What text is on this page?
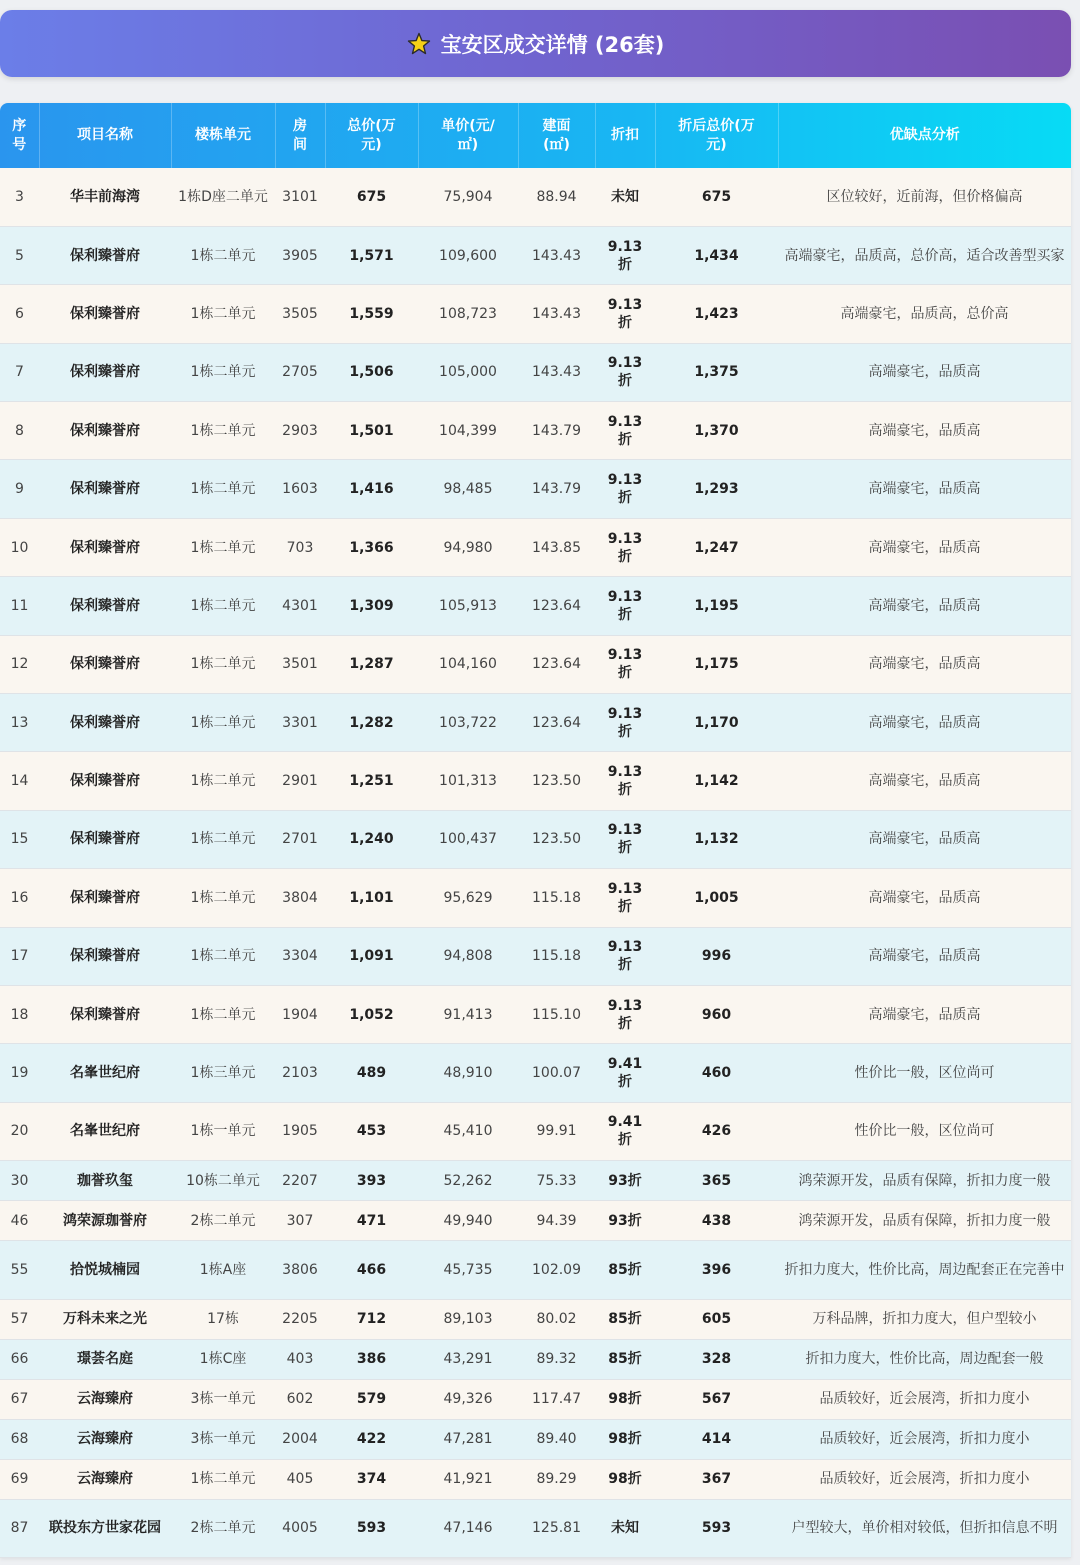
宝安区成交详情 (26套)
序号	项目名称	楼栋单元	房间	总价(万元)	单价(元/㎡)	建面(㎡)	折扣	折后总价(万元)	优缺点分析
3	华丰前海湾	1栋D座二单元	3101	675	75,904	88.94	未知	675	区位较好，近前海，但价格偏高
5	保利臻誉府	1栋二单元	3905	1,571	109,600	143.43	9.13折	1,434	高端豪宅，品质高，总价高，适合改善型买家
6	保利臻誉府	1栋二单元	3505	1,559	108,723	143.43	9.13折	1,423	高端豪宅，品质高，总价高
7	保利臻誉府	1栋二单元	2705	1,506	105,000	143.43	9.13折	1,375	高端豪宅，品质高
8	保利臻誉府	1栋二单元	2903	1,501	104,399	143.79	9.13折	1,370	高端豪宅，品质高
9	保利臻誉府	1栋二单元	1603	1,416	98,485	143.79	9.13折	1,293	高端豪宅，品质高
10	保利臻誉府	1栋二单元	703	1,366	94,980	143.85	9.13折	1,247	高端豪宅，品质高
11	保利臻誉府	1栋二单元	4301	1,309	105,913	123.64	9.13折	1,195	高端豪宅，品质高
12	保利臻誉府	1栋二单元	3501	1,287	104,160	123.64	9.13折	1,175	高端豪宅，品质高
13	保利臻誉府	1栋二单元	3301	1,282	103,722	123.64	9.13折	1,170	高端豪宅，品质高
14	保利臻誉府	1栋二单元	2901	1,251	101,313	123.50	9.13折	1,142	高端豪宅，品质高
15	保利臻誉府	1栋二单元	2701	1,240	100,437	123.50	9.13折	1,132	高端豪宅，品质高
16	保利臻誉府	1栋二单元	3804	1,101	95,629	115.18	9.13折	1,005	高端豪宅，品质高
17	保利臻誉府	1栋二单元	3304	1,091	94,808	115.18	9.13折	996	高端豪宅，品质高
18	保利臻誉府	1栋二单元	1904	1,052	91,413	115.10	9.13折	960	高端豪宅，品质高
19	名峯世纪府	1栋三单元	2103	489	48,910	100.07	9.41折	460	性价比一般，区位尚可
20	名峯世纪府	1栋一单元	1905	453	45,410	99.91	9.41折	426	性价比一般，区位尚可
30	珈誉玖玺	10栋二单元	2207	393	52,262	75.33	93折	365	鸿荣源开发，品质有保障，折扣力度一般
46	鸿荣源珈誉府	2栋二单元	307	471	49,940	94.39	93折	438	鸿荣源开发，品质有保障，折扣力度一般
55	拾悦城楠园	1栋A座	3806	466	45,735	102.09	85折	396	折扣力度大，性价比高，周边配套正在完善中
57	万科未来之光	17栋	2205	712	89,103	80.02	85折	605	万科品牌，折扣力度大，但户型较小
66	璟荟名庭	1栋C座	403	386	43,291	89.32	85折	328	折扣力度大，性价比高，周边配套一般
67	云海臻府	3栋一单元	602	579	49,326	117.47	98折	567	品质较好，近会展湾，折扣力度小
68	云海臻府	3栋一单元	2004	422	47,281	89.40	98折	414	品质较好，近会展湾，折扣力度小
69	云海臻府	1栋二单元	405	374	41,921	89.29	98折	367	品质较好，近会展湾，折扣力度小
87	联投东方世家花园	2栋二单元	4005	593	47,146	125.81	未知	593	户型较大，单价相对较低，但折扣信息不明
